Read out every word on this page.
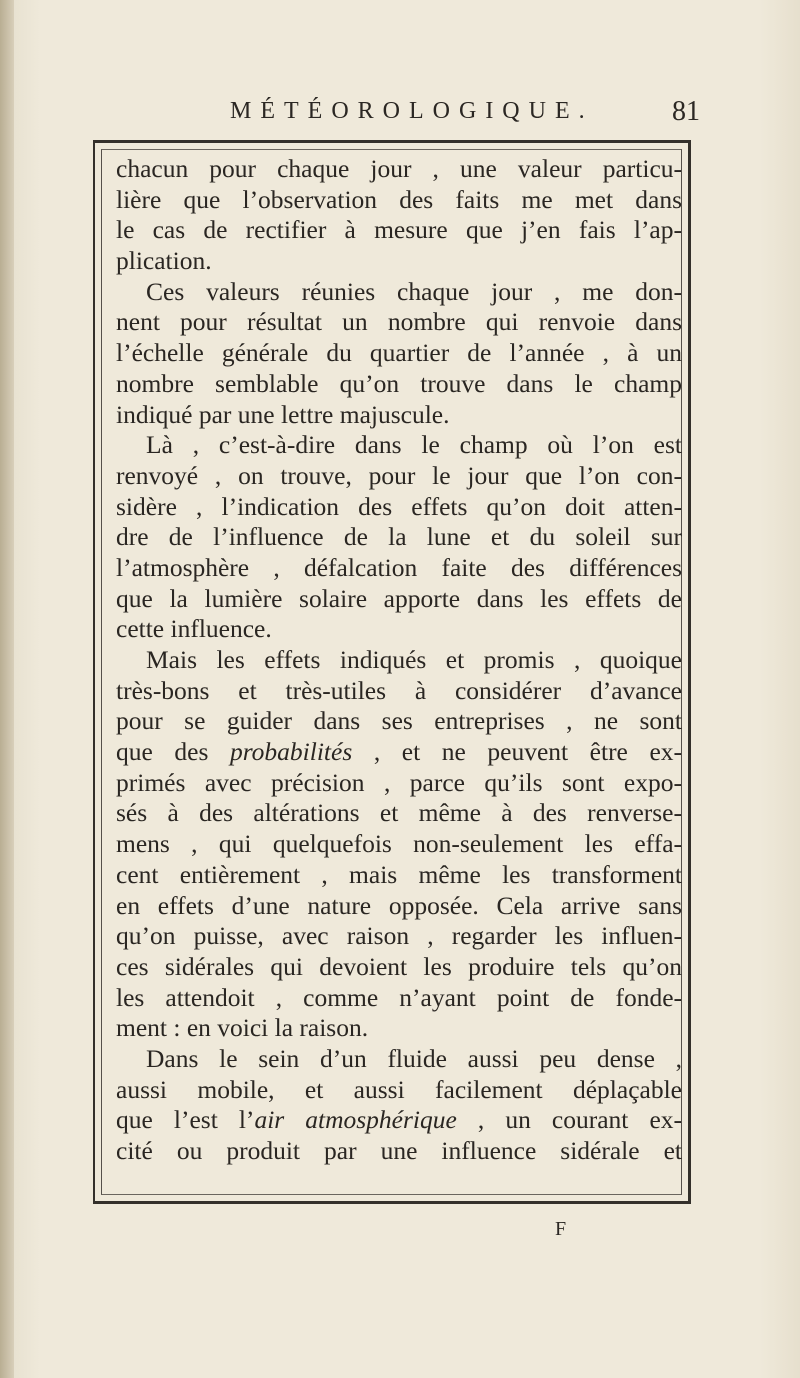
MÉTÉOROLOGIQUE.	81
chacun pour chaque jour , une valeur particu-
lière que l’observation des faits me met dans
le cas de rectifier à mesure que j’en fais l’ap-
plication.
Ces valeurs réunies chaque jour , me don-
nent pour résultat un nombre qui renvoie dans
l’échelle générale du quartier de l’année , à un
nombre semblable qu’on trouve dans le champ
indiqué par une lettre majuscule.
Là , c’est-à-dire dans le champ où l’on est
renvoyé , on trouve, pour le jour que l’on con-
sidère , l’indication des effets qu’on doit atten-
dre de l’influence de la lune et du soleil sur
l’atmosphère , défalcation faite des différences
que la lumière solaire apporte dans les effets de
cette influence.
Mais les effets indiqués et promis , quoique
très-bons et très-utiles à considérer d’avance
pour se guider dans ses entreprises , ne sont
que des probabilités , et ne peuvent être ex-
primés avec précision , parce qu’ils sont expo-
sés à des altérations et même à des renverse-
mens , qui quelquefois non-seulement les effa-
cent entièrement , mais même les transforment
en effets d’une nature opposée. Cela arrive sans
qu’on puisse, avec raison , regarder les influen-
ces sidérales qui devoient les produire tels qu’on
les attendoit , comme n’ayant point de fonde-
ment : en voici la raison.
Dans le sein d’un fluide aussi peu dense ,
aussi mobile, et aussi facilement déplaçable
que l’est l’air atmosphérique , un courant ex-
cité ou produit par une influence sidérale et
F
